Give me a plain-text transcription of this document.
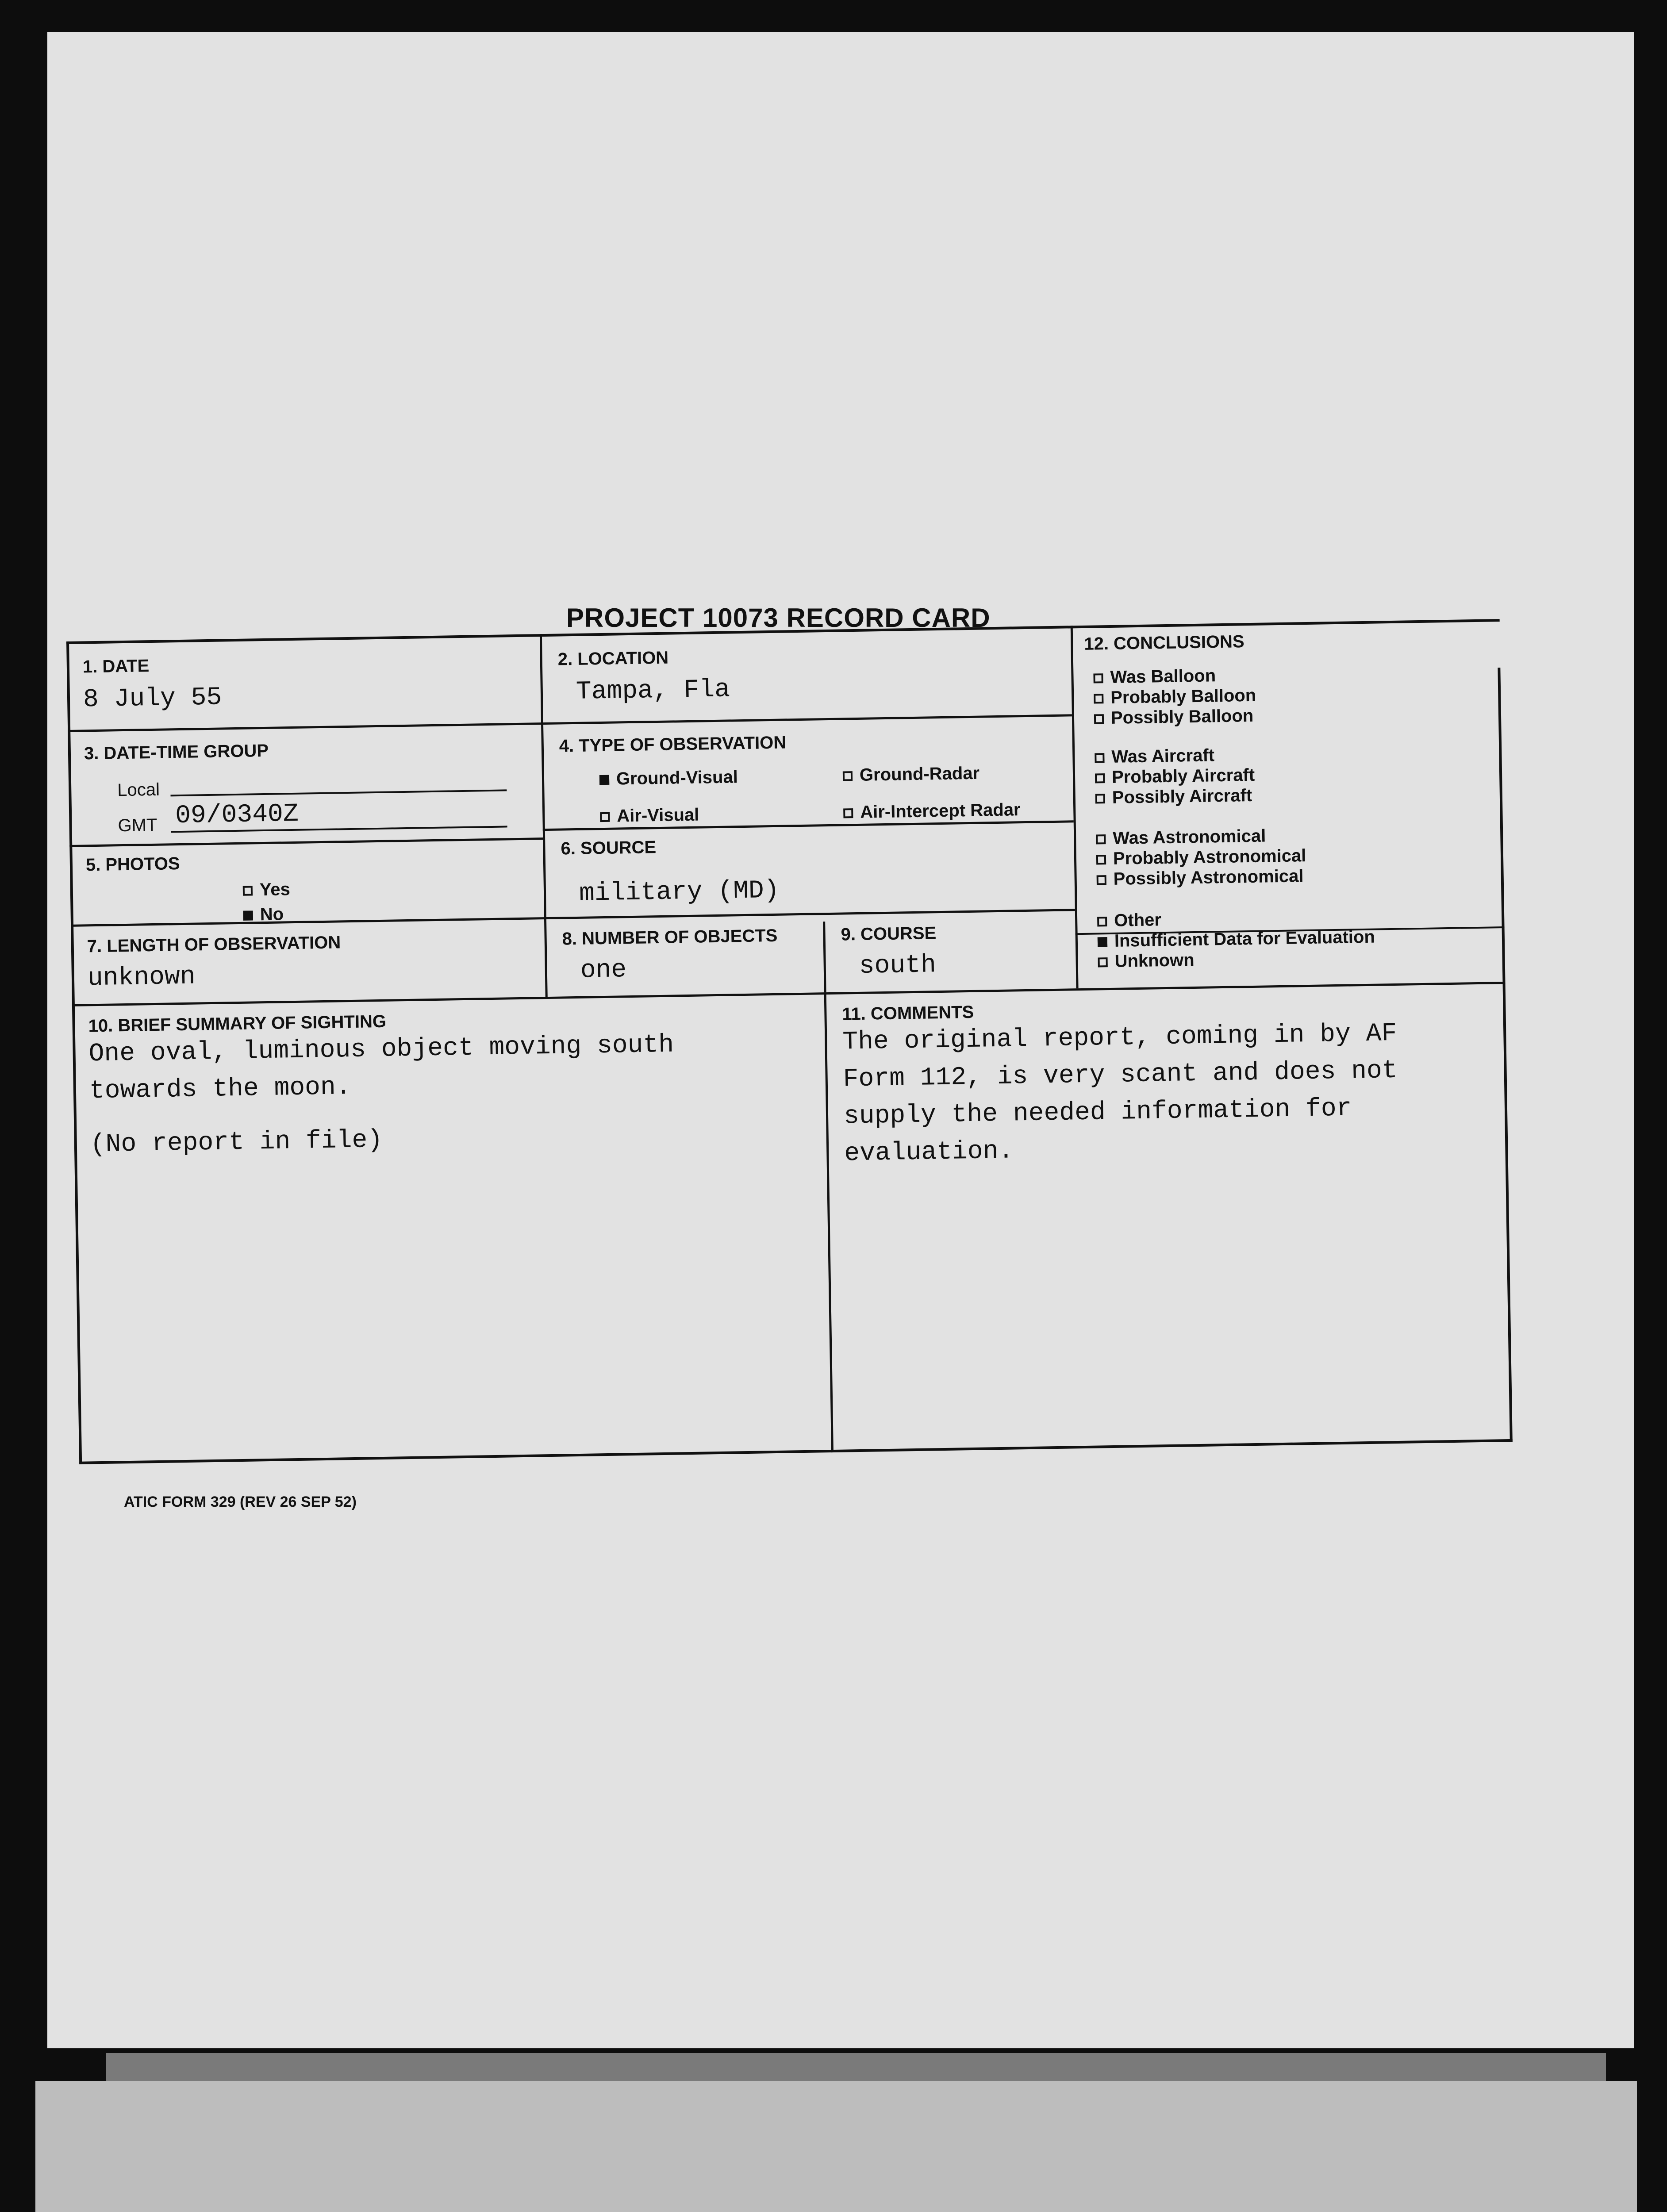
PROJECT 10073 RECORD CARD
1. DATE
8 July 55
2. LOCATION
Tampa, Fla
3. DATE-TIME GROUP
Local
GMT 09/0340Z
4. TYPE OF OBSERVATION
Ground-Visual	Ground-Radar
Air-Visual	Air-Intercept Radar
5. PHOTOS
Yes
No
6. SOURCE
military (MD)
7. LENGTH OF OBSERVATION
unknown
8. NUMBER OF OBJECTS
one
9. COURSE
south
10. BRIEF SUMMARY OF SIGHTING
One oval, luminous object moving south
towards the moon.
(No report in file)
11. COMMENTS
The original report, coming in by AF
Form 112, is very scant and does not
supply the needed information for
evaluation.
12. CONCLUSIONS
Was Balloon
Probably Balloon
Possibly Balloon
Was Aircraft
Probably Aircraft
Possibly Aircraft
Was Astronomical
Probably Astronomical
Possibly Astronomical
Other
Insufficient Data for Evaluation
Unknown
ATIC FORM 329 (REV 26 SEP 52)
